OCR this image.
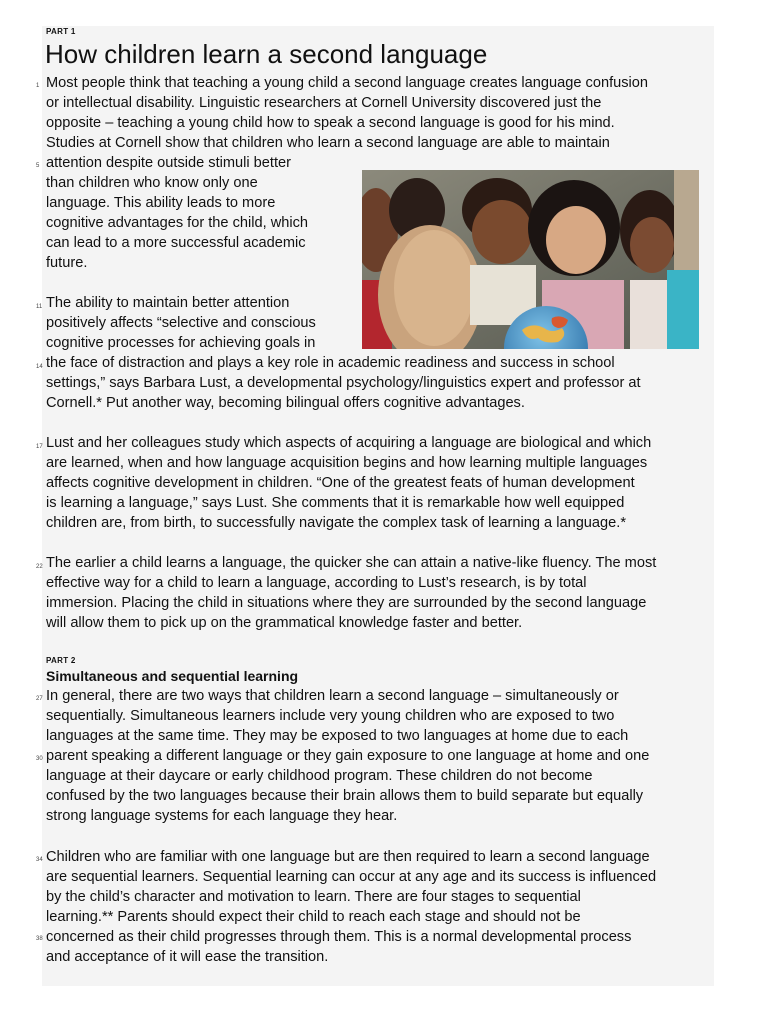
PART 1
How children learn a second language
1 Most people think that teaching a young child a second language creates language confusion
or intellectual disability. Linguistic researchers at Cornell University discovered just the
opposite – teaching a young child how to speak a second language is good for his mind.
Studies at Cornell show that children who learn a second language are able to maintain
5 attention despite outside stimuli better
than children who know only one
language. This ability leads to more
cognitive advantages for the child, which
can lead to a more successful academic
future.
11 The ability to maintain better attention
positively affects “selective and conscious
cognitive processes for achieving goals in
14 the face of distraction and plays a key role in academic readiness and success in school
settings,” says Barbara Lust, a developmental psychology/linguistics expert and professor at
Cornell.* Put another way, becoming bilingual offers cognitive advantages.
17 Lust and her colleagues study which aspects of acquiring a language are biological and which
are learned, when and how language acquisition begins and how learning multiple languages
affects cognitive development in children. “One of the greatest feats of human development
is learning a language,” says Lust. She comments that it is remarkable how well equipped
children are, from birth, to successfully navigate the complex task of learning a language.*
22 The earlier a child learns a language, the quicker she can attain a native-like fluency. The most
effective way for a child to learn a language, according to Lust’s research, is by total
immersion. Placing the child in situations where they are surrounded by the second language
will allow them to pick up on the grammatical knowledge faster and better.
PART 2
Simultaneous and sequential learning
27 In general, there are two ways that children learn a second language – simultaneously or
sequentially. Simultaneous learners include very young children who are exposed to two
languages at the same time. They may be exposed to two languages at home due to each
30 parent speaking a different language or they gain exposure to one language at home and one
language at their daycare or early childhood program. These children do not become
confused by the two languages because their brain allows them to build separate but equally
strong language systems for each language they hear.
34 Children who are familiar with one language but are then required to learn a second language
are sequential learners. Sequential learning can occur at any age and its success is influenced
by the child’s character and motivation to learn. There are four stages to sequential
learning.** Parents should expect their child to reach each stage and should not be
38 concerned as their child progresses through them. This is a normal developmental process
and acceptance of it will ease the transition.
